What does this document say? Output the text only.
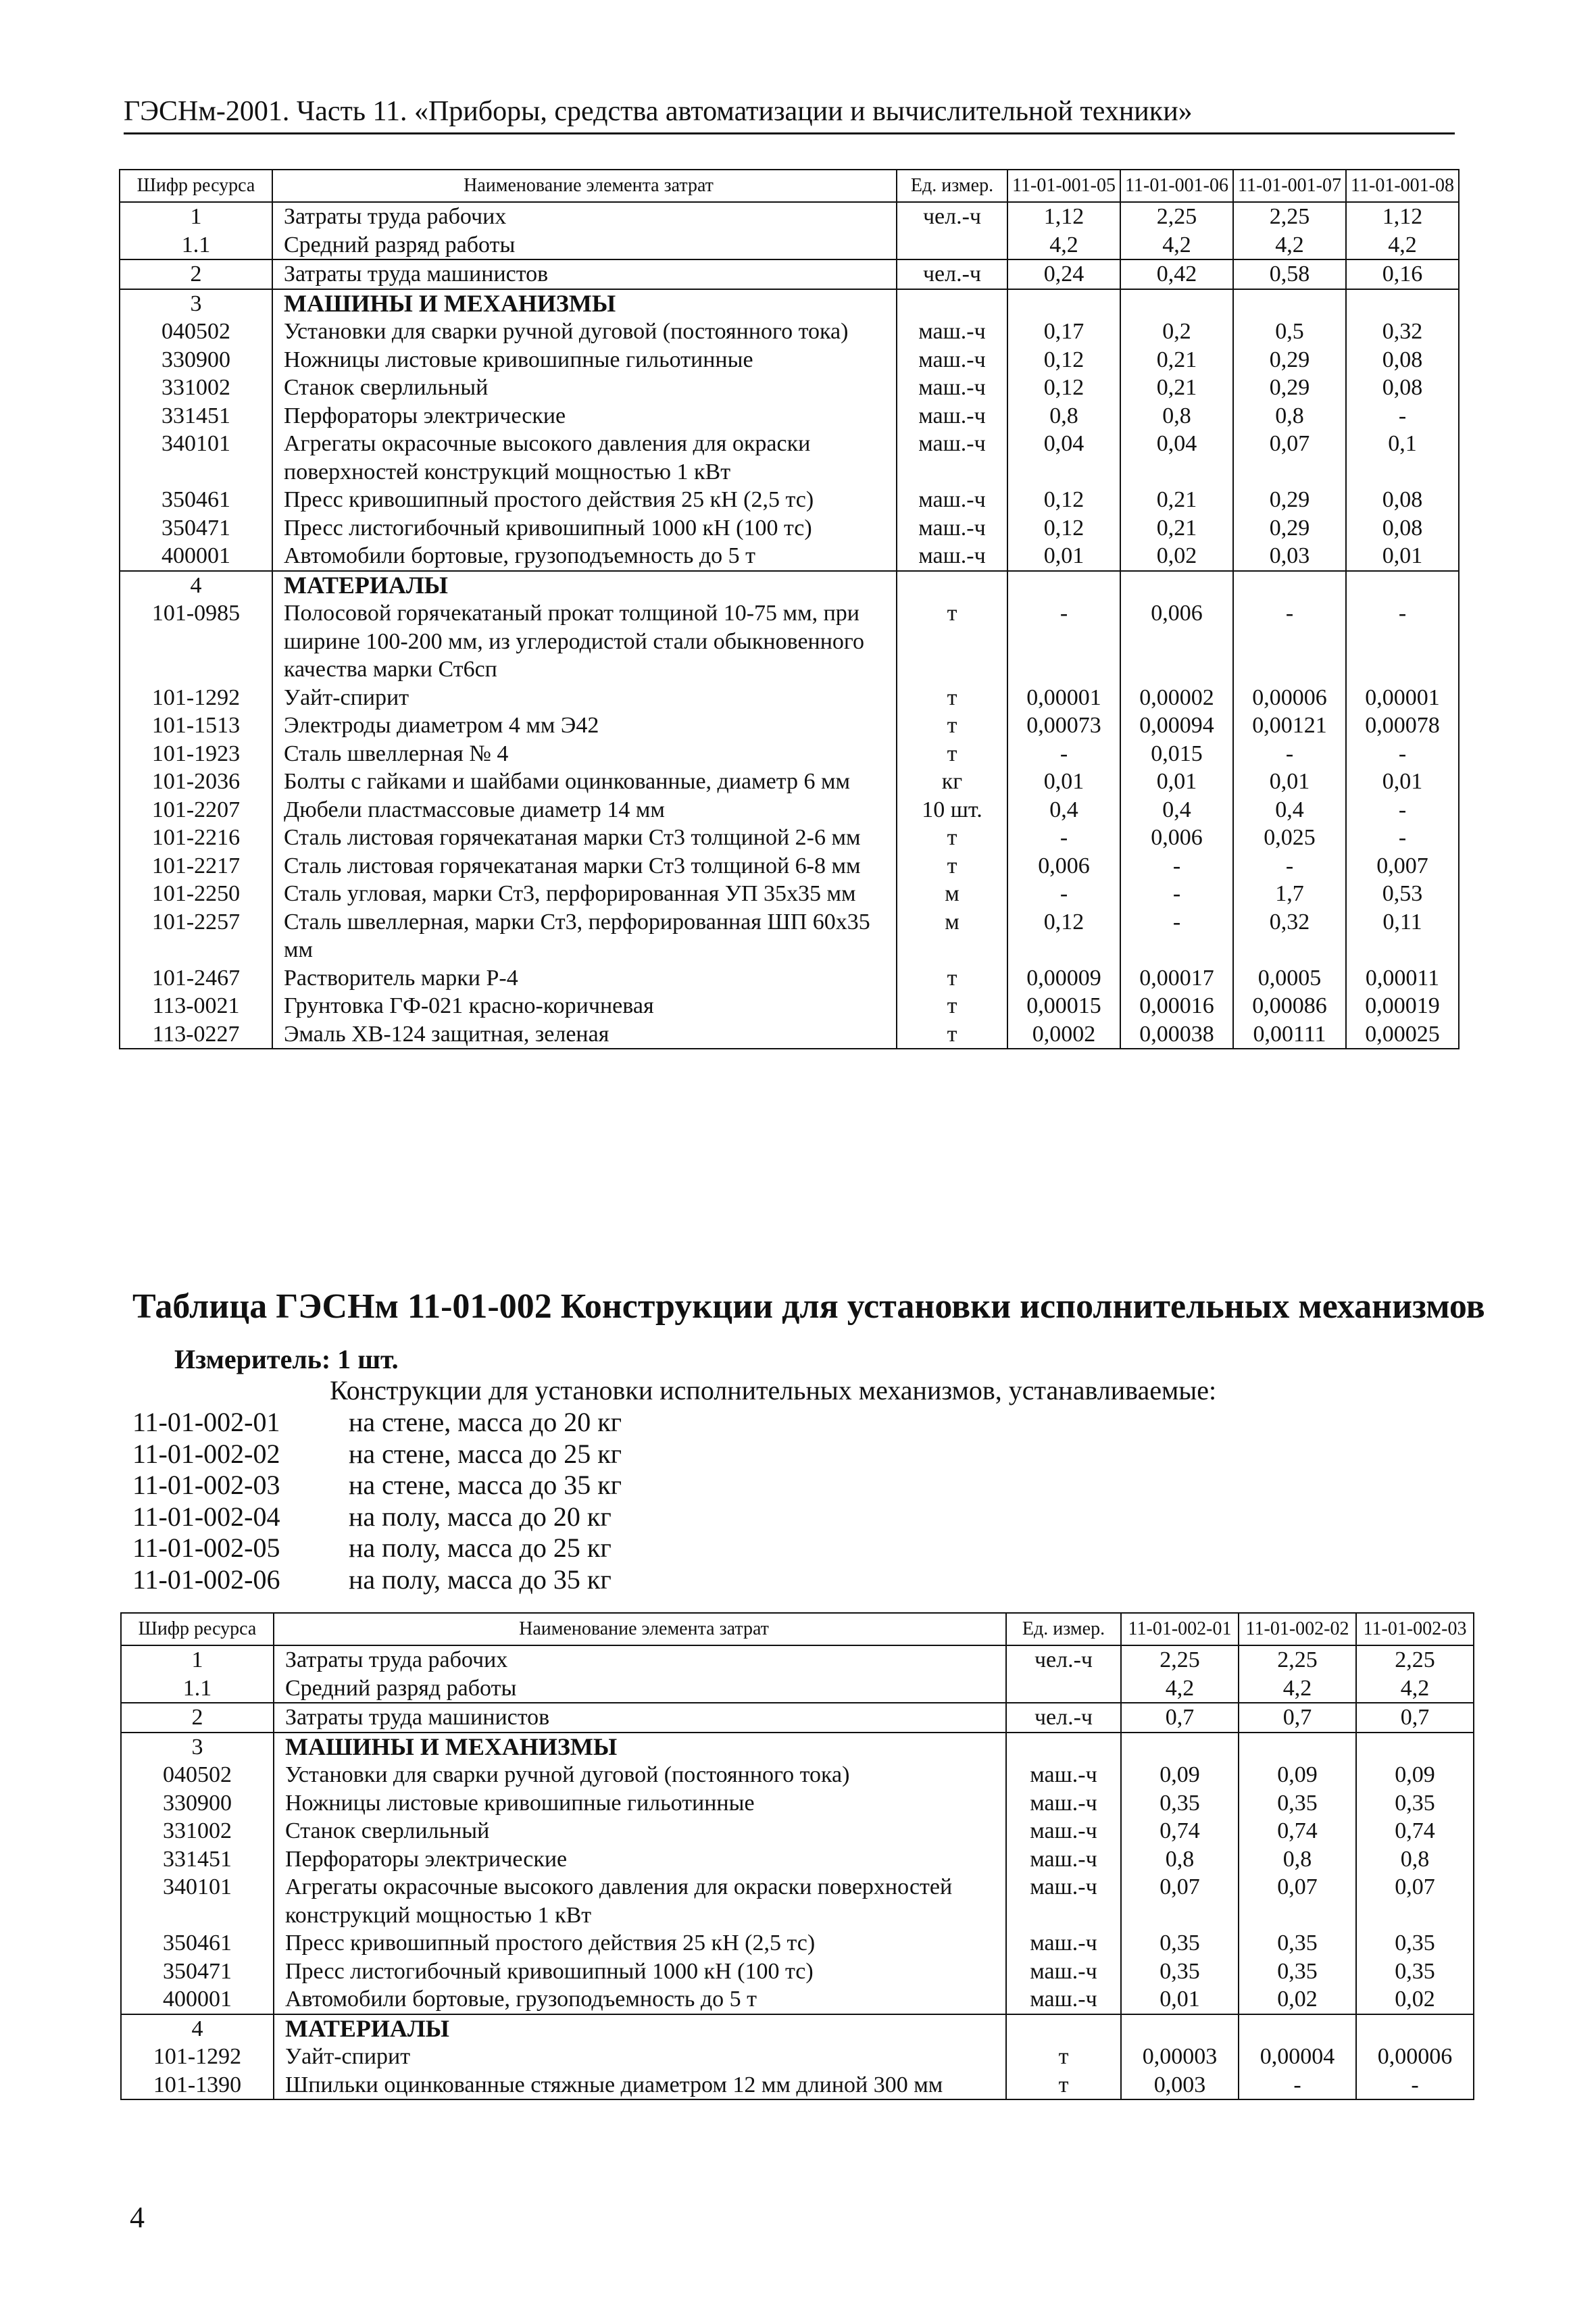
ГЭСНм-2001. Часть 11. «Приборы, средства автоматизации и вычислительной техники»
Шифр ресурса	Наименование элемента затрат	Ед. измер.	11-01-001-05	11-01-001-06	11-01-001-07	11-01-001-08
1	Затраты труда рабочих	чел.-ч	1,12	2,25	2,25	1,12
1.1	Средний разряд работы		4,2	4,2	4,2	4,2
2	Затраты труда машинистов	чел.-ч	0,24	0,42	0,58	0,16
3	МАШИНЫ И МЕХАНИЗМЫ					
040502	Установки для сварки ручной дуговой (постоянного тока)	маш.-ч	0,17	0,2	0,5	0,32
330900	Ножницы листовые кривошипные гильотинные	маш.-ч	0,12	0,21	0,29	0,08
331002	Станок сверлильный	маш.-ч	0,12	0,21	0,29	0,08
331451	Перфораторы электрические	маш.-ч	0,8	0,8	0,8	-
340101	Агрегаты окрасочные высокого давления для окраски поверхностей конструкций мощностью 1 кВт	маш.-ч	0,04	0,04	0,07	0,1
350461	Пресс кривошипный простого действия 25 кН (2,5 тс)	маш.-ч	0,12	0,21	0,29	0,08
350471	Пресс листогибочный кривошипный 1000 кН (100 тс)	маш.-ч	0,12	0,21	0,29	0,08
400001	Автомобили бортовые, грузоподъемность до 5 т	маш.-ч	0,01	0,02	0,03	0,01
4	МАТЕРИАЛЫ					
101-0985	Полосовой горячекатаный прокат толщиной 10-75 мм, при ширине 100-200 мм, из углеродистой стали обыкновенного качества марки Ст6сп	т	-	0,006	-	-
101-1292	Уайт-спирит	т	0,00001	0,00002	0,00006	0,00001
101-1513	Электроды диаметром 4 мм Э42	т	0,00073	0,00094	0,00121	0,00078
101-1923	Сталь швеллерная № 4	т	-	0,015	-	-
101-2036	Болты с гайками и шайбами оцинкованные, диаметр 6 мм	кг	0,01	0,01	0,01	0,01
101-2207	Дюбели пластмассовые диаметр 14 мм	10 шт.	0,4	0,4	0,4	-
101-2216	Сталь листовая горячекатаная марки Ст3 толщиной 2-6 мм	т	-	0,006	0,025	-
101-2217	Сталь листовая горячекатаная марки Ст3 толщиной 6-8 мм	т	0,006	-	-	0,007
101-2250	Сталь угловая, марки Ст3, перфорированная УП 35х35 мм	м	-	-	1,7	0,53
101-2257	Сталь швеллерная, марки Ст3, перфорированная ШП 60х35 мм	м	0,12	-	0,32	0,11
101-2467	Растворитель марки Р-4	т	0,00009	0,00017	0,0005	0,00011
113-0021	Грунтовка ГФ-021 красно-коричневая	т	0,00015	0,00016	0,00086	0,00019
113-0227	Эмаль ХВ-124 защитная, зеленая	т	0,0002	0,00038	0,00111	0,00025
Таблица ГЭСНм 11-01-002 Конструкции для установки исполнительных механизмов
Измеритель: 1 шт.
Конструкции для установки исполнительных механизмов, устанавливаемые:
11-01-002-01	на стене, масса до 20 кг
11-01-002-02	на стене, масса до 25 кг
11-01-002-03	на стене, масса до 35 кг
11-01-002-04	на полу, масса до 20 кг
11-01-002-05	на полу, масса до 25 кг
11-01-002-06	на полу, масса до 35 кг
Шифр ресурса	Наименование элемента затрат	Ед. измер.	11-01-002-01	11-01-002-02	11-01-002-03
1	Затраты труда рабочих	чел.-ч	2,25	2,25	2,25
1.1	Средний разряд работы		4,2	4,2	4,2
2	Затраты труда машинистов	чел.-ч	0,7	0,7	0,7
3	МАШИНЫ И МЕХАНИЗМЫ				
040502	Установки для сварки ручной дуговой (постоянного тока)	маш.-ч	0,09	0,09	0,09
330900	Ножницы листовые кривошипные гильотинные	маш.-ч	0,35	0,35	0,35
331002	Станок сверлильный	маш.-ч	0,74	0,74	0,74
331451	Перфораторы электрические	маш.-ч	0,8	0,8	0,8
340101	Агрегаты окрасочные высокого давления для окраски поверхностей конструкций мощностью 1 кВт	маш.-ч	0,07	0,07	0,07
350461	Пресс кривошипный простого действия 25 кН (2,5 тс)	маш.-ч	0,35	0,35	0,35
350471	Пресс листогибочный кривошипный 1000 кН (100 тс)	маш.-ч	0,35	0,35	0,35
400001	Автомобили бортовые, грузоподъемность до 5 т	маш.-ч	0,01	0,02	0,02
4	МАТЕРИАЛЫ				
101-1292	Уайт-спирит	т	0,00003	0,00004	0,00006
101-1390	Шпильки оцинкованные стяжные диаметром 12 мм длиной 300 мм	т	0,003	-	-
4
